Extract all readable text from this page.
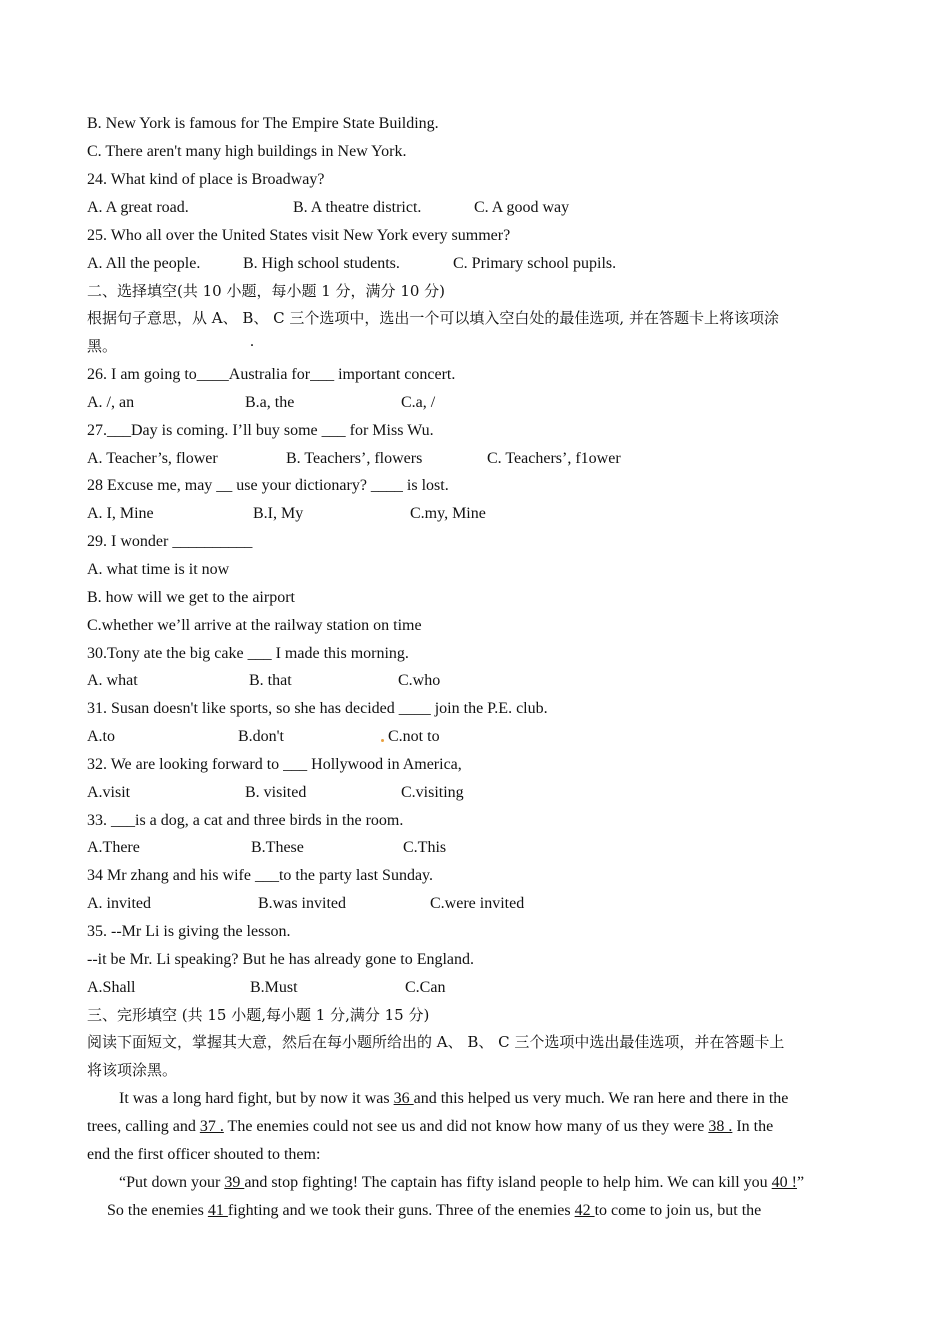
B. New York is famous for The Empire State Building.
C. There aren't many high buildings in New York.
24. What kind of place is Broadway?
A. A great road.	B. A theatre district.	C. A good way
25. Who all over the United States visit New York every summer?
A. All the people.	B. High school students.	C. Primary school pupils.
二、选择填空(共 10 小题，每小题 1 分，满分 10 分)
根据句子意思，从 A、 B、 C 三个选项中，选出一个可以填入空白处的最佳选项, 并在答题卡上将该项涂
黑。	.
26. I am going to____Australia for___ important concert.
A. /, an	B.a, the	C.a, /
27.___Day is coming. I’ll buy some ___ for Miss Wu.
A. Teacher’s, flower	B. Teachers’, flowers	C. Teachers’, f1ower
28 Excuse me, may __ use your dictionary? ____ is lost.
A. I, Mine	B.I, My	C.my, Mine
29. I wonder __________
A. what time is it now
B. how will we get to the airport
C.whether we’ll arrive at the railway station on time
30.Tony ate the big cake ___ I made this morning.
A. what	B. that	C.who
31. Susan doesn't like sports, so she has decided ____ join the P.E. club.
A.to	B.don't	C.not to
32. We are looking forward to ___ Hollywood in America,
A.visit	B. visited	C.visiting
33. ___is a dog, a cat and three birds in the room.
A.There	B.These	C.This
34 Mr zhang and his wife ___to the party last Sunday.
A. invited	B.was invited	C.were invited
35. --Mr Li is giving the lesson.
--it be Mr. Li speaking? But he has already gone to England.
A.Shall	B.Must	C.Can
三、完形填空 (共 15 小题,每小题 1 分,满分 15 分)
阅读下面短文，掌握其大意，然后在每小题所给出的 A、 B、 C 三个选项中选出最佳选项，并在答题卡上
将该项涂黑。
It was a long hard fight, but by now it was 36 and this helped us very much. We ran here and there in the
trees, calling and 37 . The enemies could not see us and did not know how many of us they were 38 . In the
end the first officer shouted to them:
“Put down your 39 and stop fighting! The captain has fifty island people to help him. We can kill you 40 !”
So the enemies 41 fighting and we took their guns. Three of the enemies 42 to come to join us, but the
